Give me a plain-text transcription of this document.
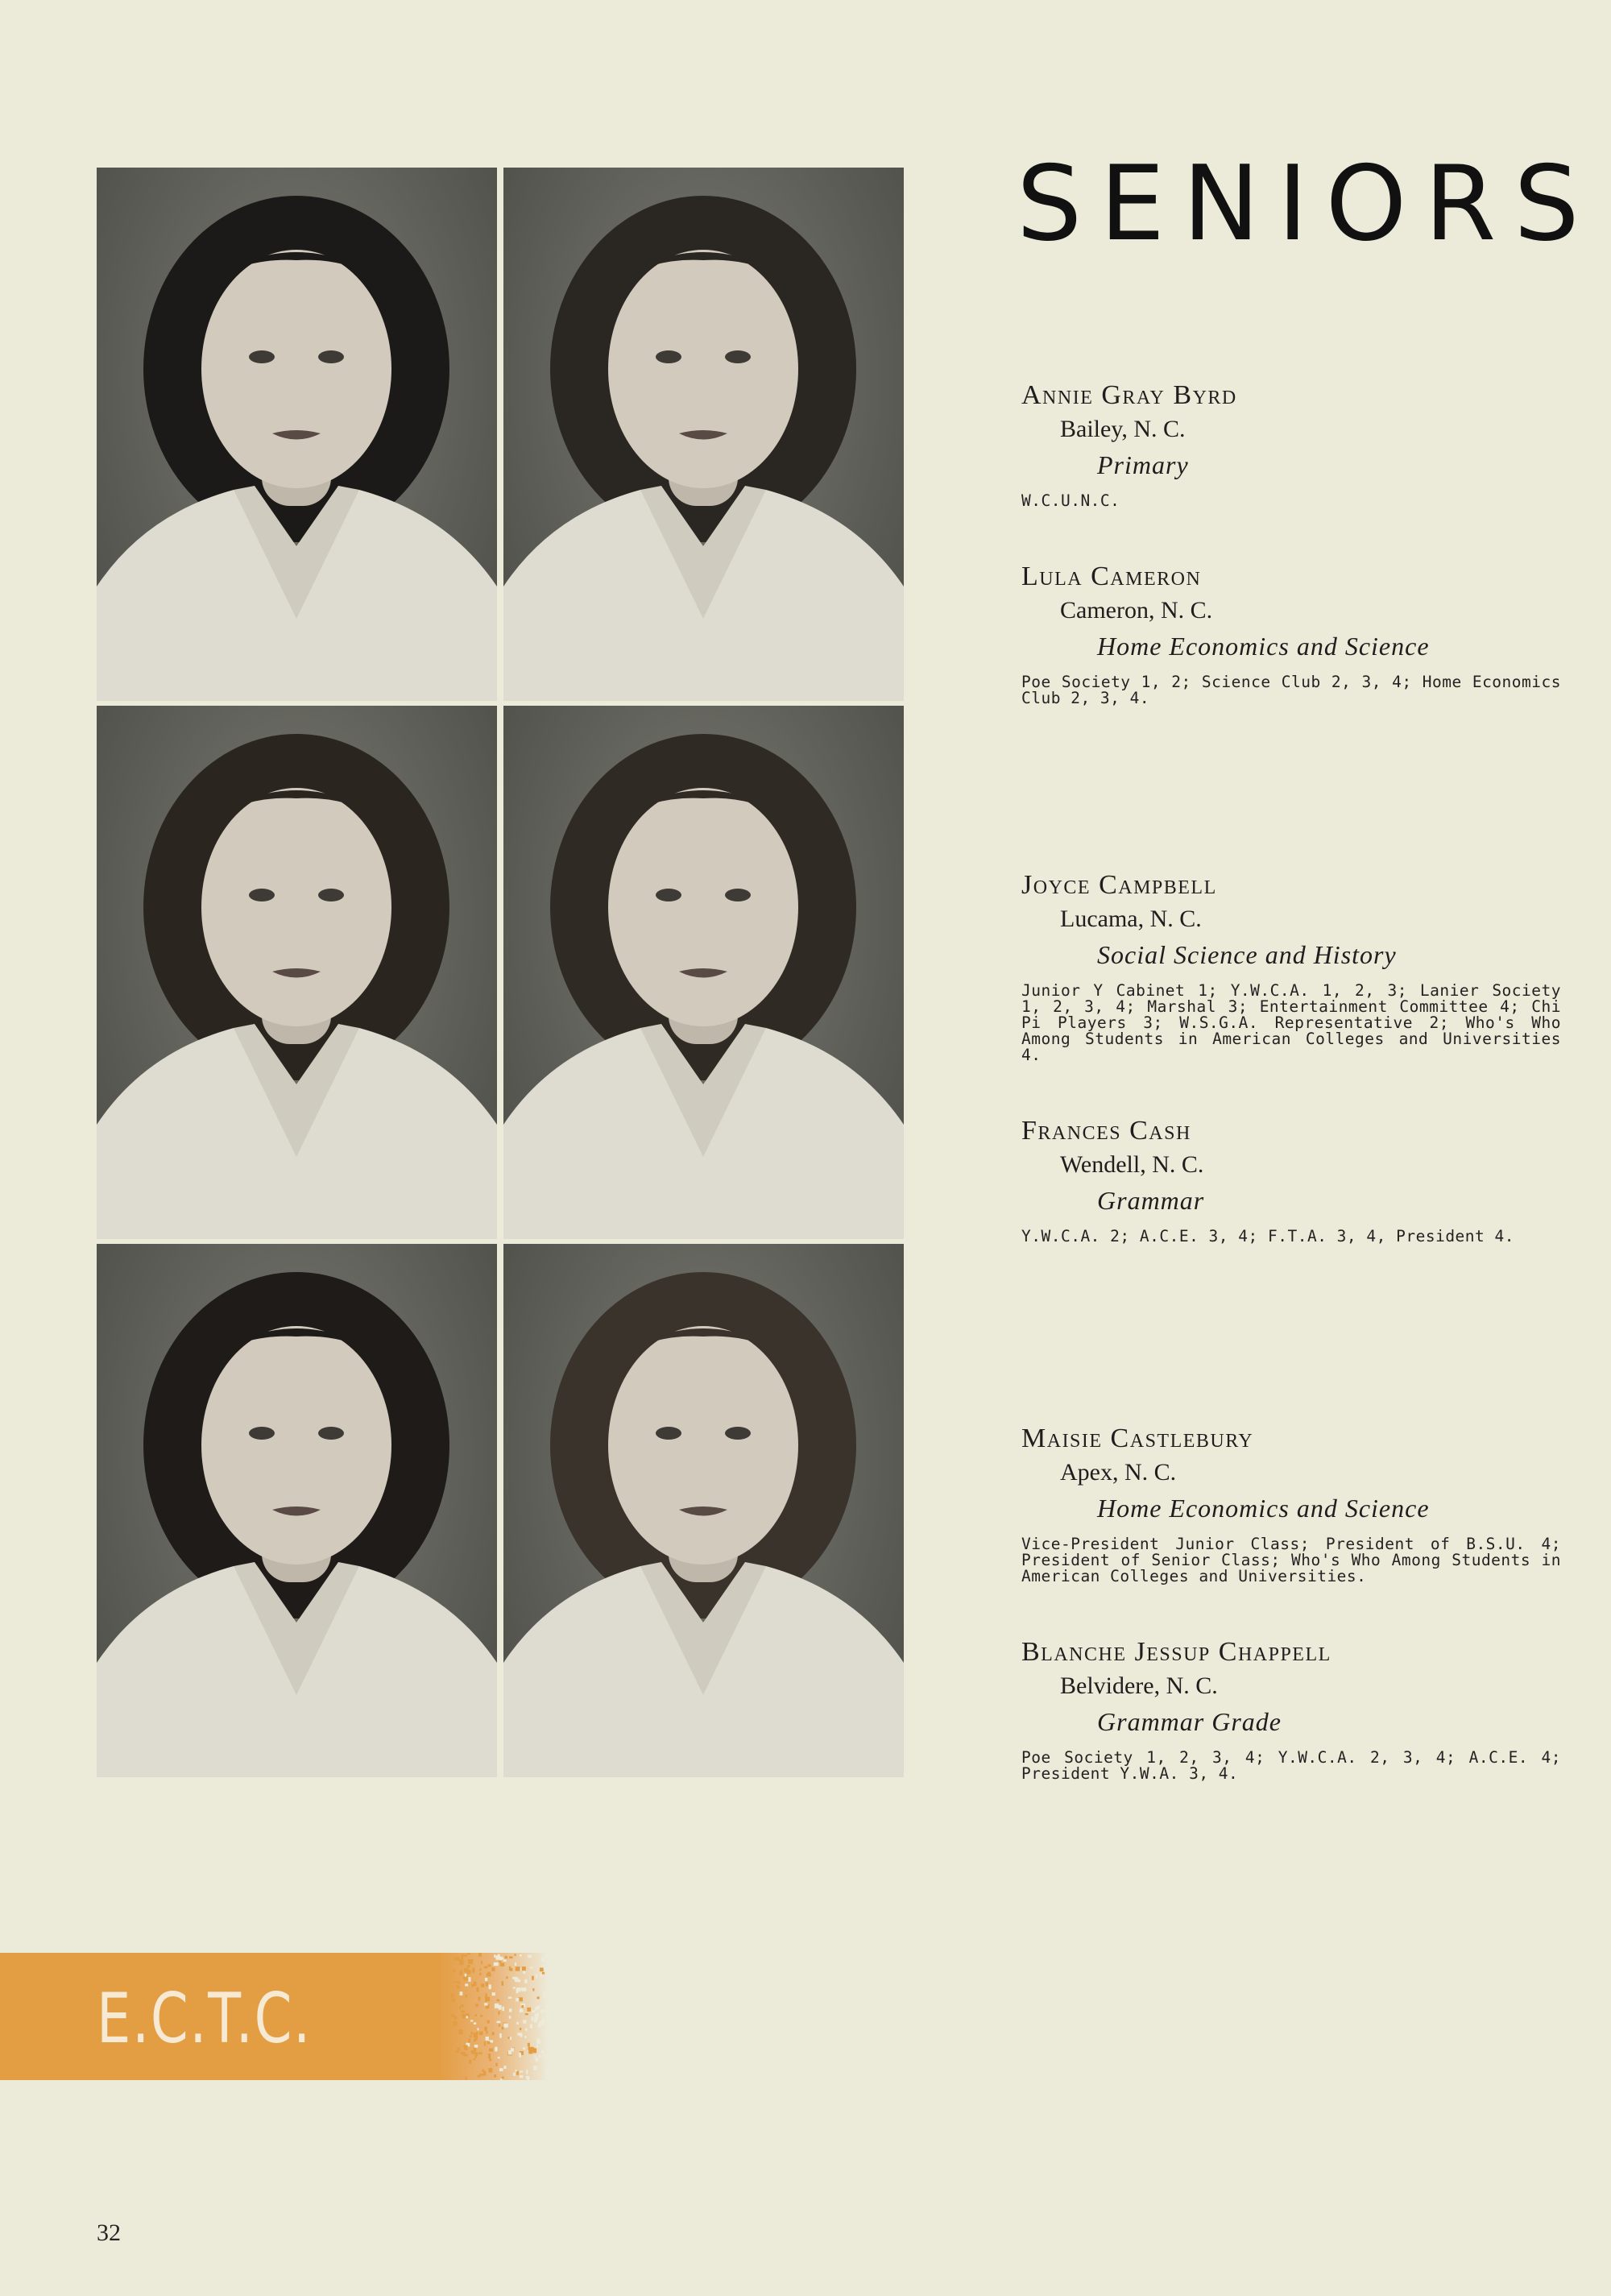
SENIORS
Annie Gray Byrd
Bailey, N. C.
Primary
W.C.U.N.C.
Lula Cameron
Cameron, N. C.
Home Economics and Science
Poe Society 1, 2; Science Club 2, 3, 4; Home Economics Club 2, 3, 4.
Joyce Campbell
Lucama, N. C.
Social Science and History
Junior Y Cabinet 1; Y.W.C.A. 1, 2, 3; Lanier Society 1, 2, 3, 4; Marshal 3; Entertainment Committee 4; Chi Pi Players 3; W.S.G.A. Representative 2; Who's Who Among Students in American Colleges and Universities 4.
Frances Cash
Wendell, N. C.
Grammar
Y.W.C.A. 2; A.C.E. 3, 4; F.T.A. 3, 4, President 4.
Maisie Castlebury
Apex, N. C.
Home Economics and Science
Vice-President Junior Class; President of B.S.U. 4; President of Senior Class; Who's Who Among Students in American Colleges and Universities.
Blanche Jessup Chappell
Belvidere, N. C.
Grammar Grade
Poe Society 1, 2, 3, 4; Y.W.C.A. 2, 3, 4; A.C.E. 4; President Y.W.A. 3, 4.
E.C.T.C.
32
